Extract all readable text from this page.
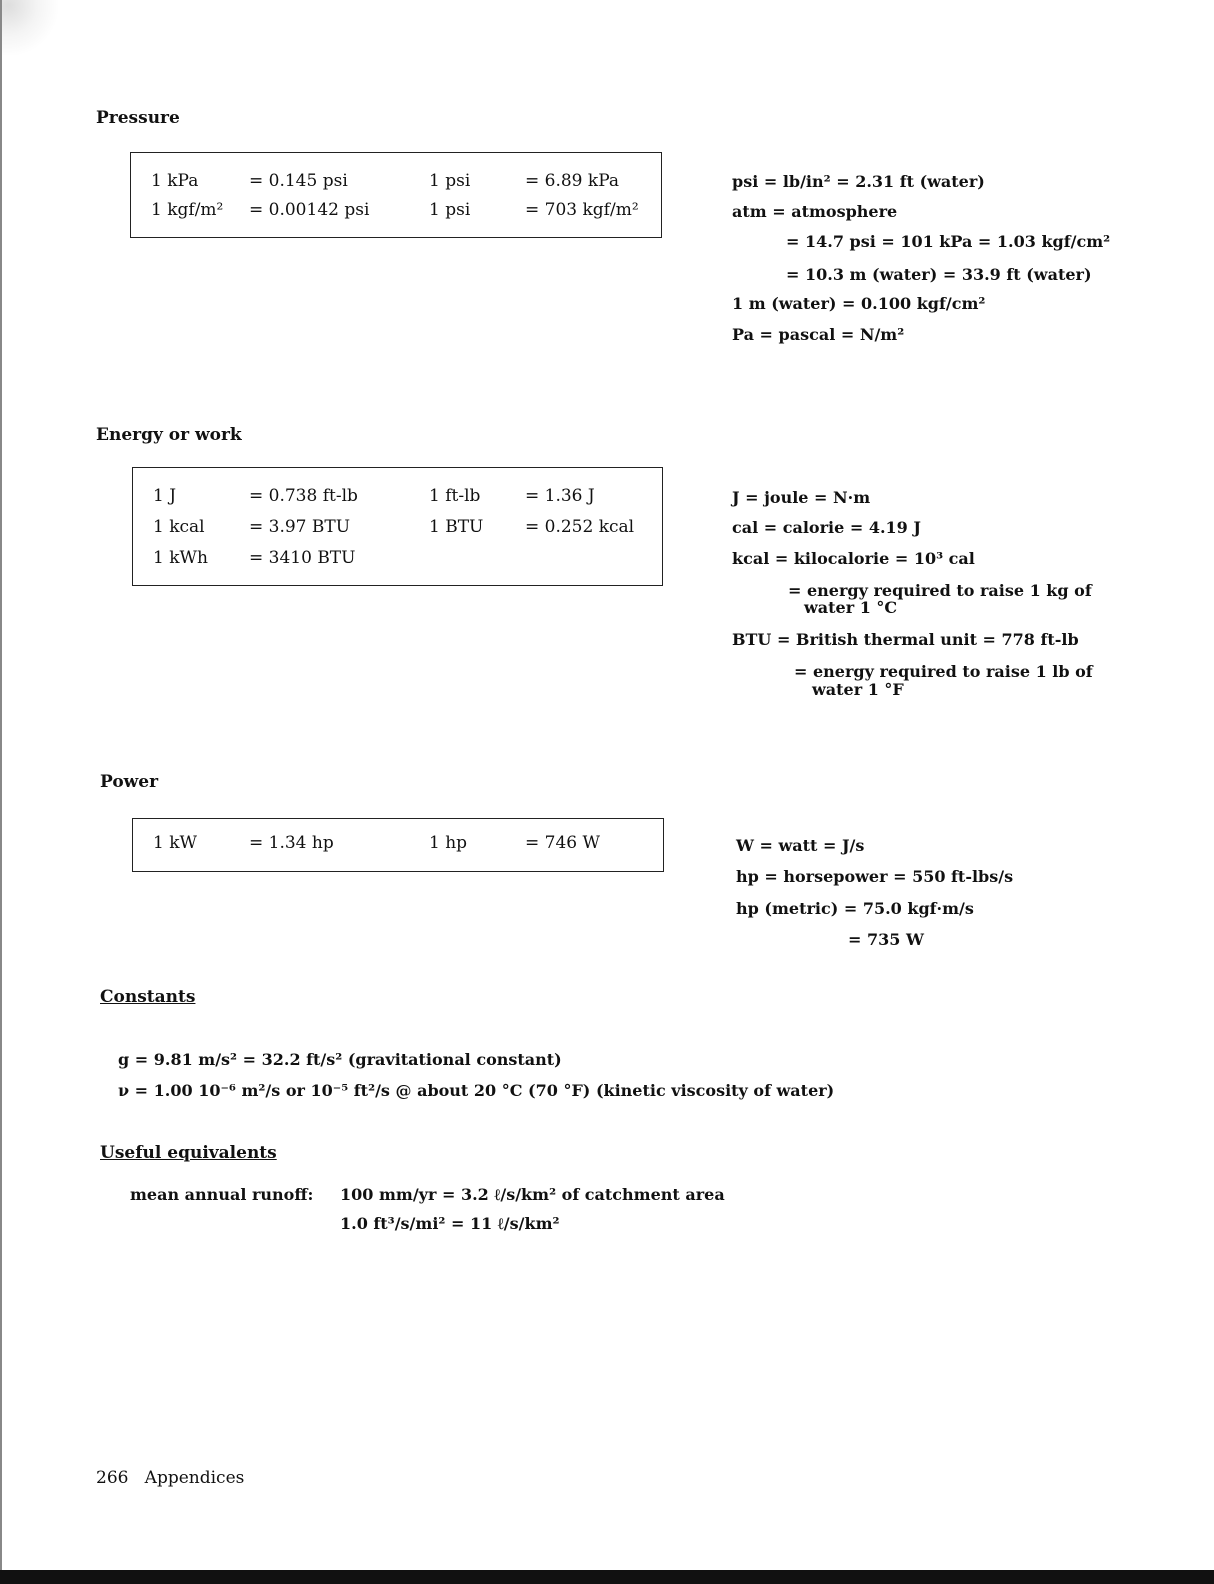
Pressure
1 kPa	= 0.145 psi	1 psi	= 6.89 kPa
1 kgf/m² = 0.00142 psi	1 psi	= 703 kgf/m²
psi = lb/in² = 2.31 ft (water)
atm = atmosphere
= 14.7 psi = 101 kPa = 1.03 kgf/cm²
= 10.3 m (water) = 33.9 ft (water)
1 m (water) = 0.100 kgf/cm²
Pa = pascal = N/m²
Energy or work
1 J	= 0.738 ft-lb	1 ft-lb	= 1.36 J
1 kcal	= 3.97 BTU	1 BTU = 0.252 kcal
1 kWh = 3410 BTU
J = joule = N·m
cal = calorie = 4.19 J
kcal = kilocalorie = 10³ cal
= energy required to raise 1 kg of
water 1 °C
BTU = British thermal unit = 778 ft-lb
= energy required to raise 1 lb of
water 1 °F
Power
1 kW	= 1.34 hp	1 hp	= 746 W	W = watt = J/s
hp = horsepower = 550 ft-lbs/s
hp (metric) = 75.0 kgf·m/s
= 735 W
Constants
g = 9.81 m/s² = 32.2 ft/s² (gravitational constant)
ν = 1.00 10⁻⁶ m²/s or 10⁻⁵ ft²/s @ about 20 °C (70 °F) (kinetic viscosity of water)
Useful equivalents
mean annual runoff: 100 mm/yr = 3.2 ℓ/s/km² of catchment area
1.0 ft³/s/mi² = 11 ℓ/s/km²
266 Appendices
